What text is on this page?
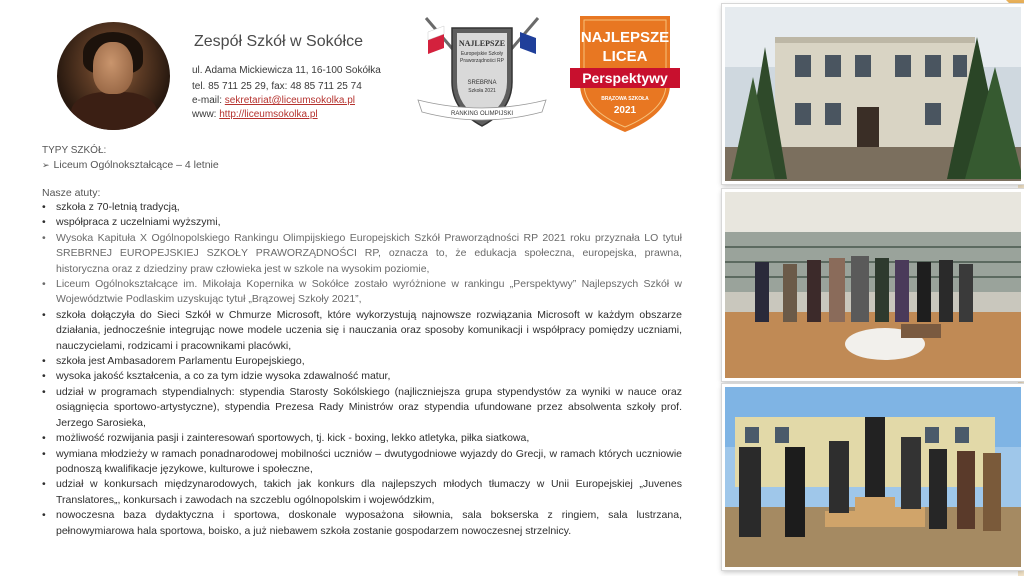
Zespół Szkół w Sokółce
ul. Adama Mickiewicza 11, 16-100 Sokółka
tel. 85 711 25 29, fax: 48 85 711 25 74
e-mail: sekretariat@liceumsokolka.pl
www: http://liceumsokolka.pl
NAJLEPSZE
Europejskie Szkoły
Praworządności RP
SREBRNA
Szkoła 2021
RANKING OLIMPIJSKI
NAJLEPSZE
LICEA
Perspektywy
BRĄZOWA SZKOŁA
2021
TYPY SZKÓŁ:
➢ Liceum Ogólnokształcące – 4 letnie
Nasze atuty:
• szkoła z 70-letnią tradycją,
• współpraca z uczelniami wyższymi,
• Wysoka Kapituła X Ogólnopolskiego Rankingu Olimpijskiego Europejskich Szkół Praworządności RP 2021 roku przyznała LO tytuł SREBRNEJ EUROPEJSKIEJ SZKOŁY PRAWORZĄDNOŚCI RP, oznacza to, że edukacja społeczna, europejska, prawna, historyczna oraz z dziedziny praw człowieka jest w szkole na wysokim poziomie,
• Liceum Ogólnokształcące im. Mikołaja Kopernika w Sokółce zostało wyróżnione w rankingu „Perspektywy” Najlepszych Szkół w Województwie Podlaskim uzyskując tytuł „Brązowej Szkoły 2021”,
• szkoła dołączyła do Sieci Szkół w Chmurze Microsoft, które wykorzystują najnowsze rozwiązania Microsoft w każdym obszarze działania, jednocześnie integrując nowe modele uczenia się i nauczania oraz sposoby komunikacji i współpracy pomiędzy uczniami, nauczycielami, rodzicami i pracownikami placówki,
• szkoła jest Ambasadorem Parlamentu Europejskiego,
• wysoka jakość kształcenia, a co za tym idzie wysoka zdawalność matur,
• udział w programach stypendialnych: stypendia Starosty Sokólskiego (najliczniejsza grupa stypendystów za wyniki w nauce oraz osiągnięcia sportowo-artystyczne), stypendia Prezesa Rady Ministrów oraz stypendia ufundowane przez absolwenta szkoły prof. Jerzego Sarosieka,
• możliwość rozwijania pasji i zainteresowań sportowych, tj. kick - boxing, lekko atletyka, piłka siatkowa,
• wymiana młodzieży w ramach ponadnarodowej mobilności uczniów – dwutygodniowe wyjazdy do Grecji, w ramach których uczniowie podnoszą kwalifikacje językowe, kulturowe i społeczne,
• udział w konkursach międzynarodowych, takich jak konkurs dla najlepszych młodych tłumaczy w Unii Europejskiej „Juvenes Translatores„, konkursach i zawodach na szczeblu ogólnopolskim i wojewódzkim,
• nowoczesna baza dydaktyczna i sportowa, doskonale wyposażona siłownia, sala bokserska z ringiem, sala lustrzana, pełnowymiarowa hala sportowa, boisko, a już niebawem szkoła zostanie gospodarzem nowoczesnej strzelnicy.
